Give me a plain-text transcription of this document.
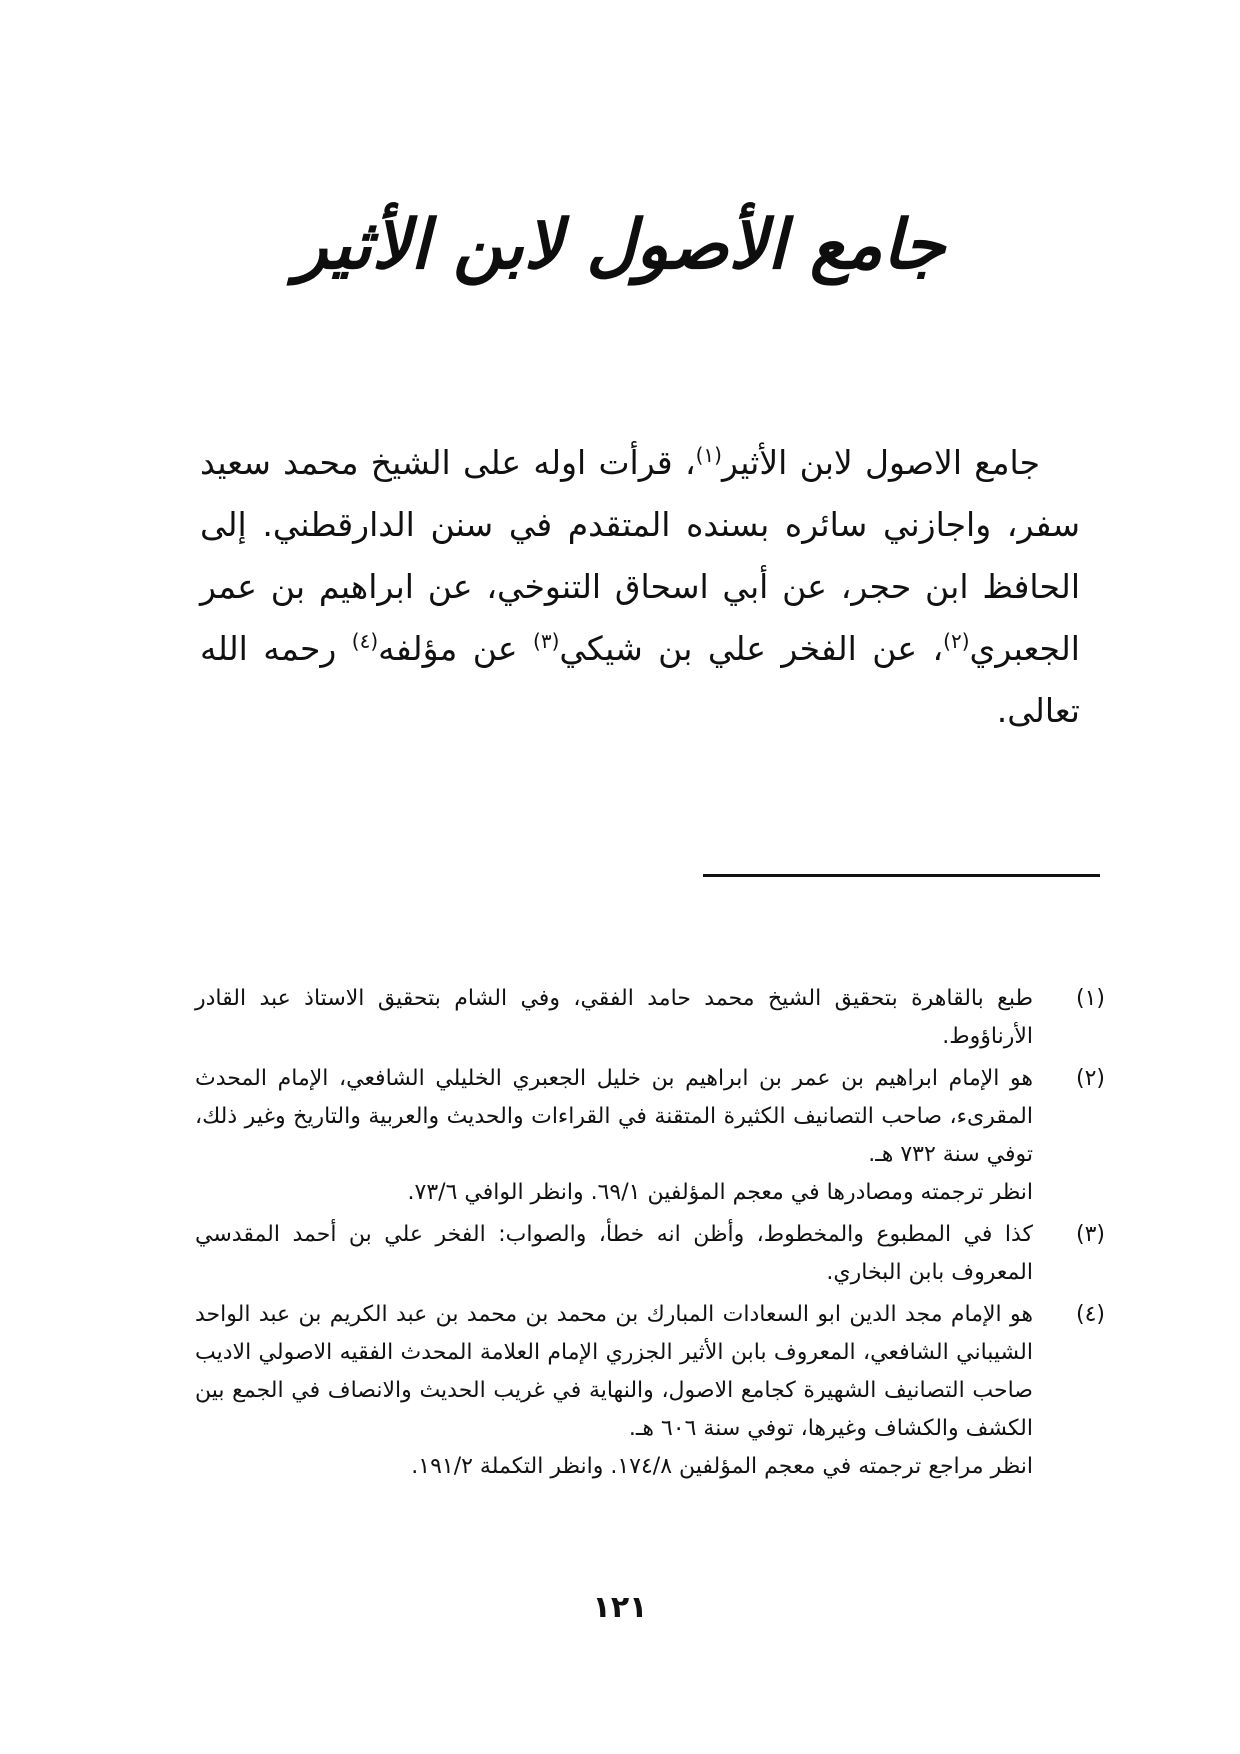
جامع الأصول لابن الأثير
جامع الاصول لابن الأثير$^{(١)}$، قرأت اوله على الشيخ محمد سعيد سفر، واجازني سائره بسنده المتقدم في سنن الدارقطني. إلى الحافظ ابن حجر، عن أبي اسحاق التنوخي، عن ابراهيم بن عمر الجعبري$^{(٢)}$، عن الفخر علي بن شيكي$^{(٣)}$ عن مؤلفه$^{(٤)}$ رحمه الله تعالى.
(١)
طبع بالقاهرة بتحقيق الشيخ محمد حامد الفقي، وفي الشام بتحقيق الاستاذ عبد القادر الأرناؤوط.
(٢)
هو الإمام ابراهيم بن عمر بن ابراهيم بن خليل الجعبري الخليلي الشافعي، الإمام المحدث المقرىء، صاحب التصانيف الكثيرة المتقنة في القراءات والحديث والعربية والتاريخ وغير ذلك، توفي سنة ٧٣٢ هـ.
انظر ترجمته ومصادرها في معجم المؤلفين ٦٩/١. وانظر الوافي ٧٣/٦.
(٣)
كذا في المطبوع والمخطوط، وأظن انه خطأ، والصواب: الفخر علي بن أحمد المقدسي المعروف بابن البخاري.
(٤)
هو الإمام مجد الدين ابو السعادات المبارك بن محمد بن محمد بن عبد الكريم بن عبد الواحد الشيباني الشافعي، المعروف بابن الأثير الجزري الإمام العلامة المحدث الفقيه الاصولي الاديب صاحب التصانيف الشهيرة كجامع الاصول، والنهاية في غريب الحديث والانصاف في الجمع بين الكشف والكشاف وغيرها، توفي سنة ٦٠٦ هـ.
انظر مراجع ترجمته في معجم المؤلفين ١٧٤/٨. وانظر التكملة ١٩١/٢.
١٢١
